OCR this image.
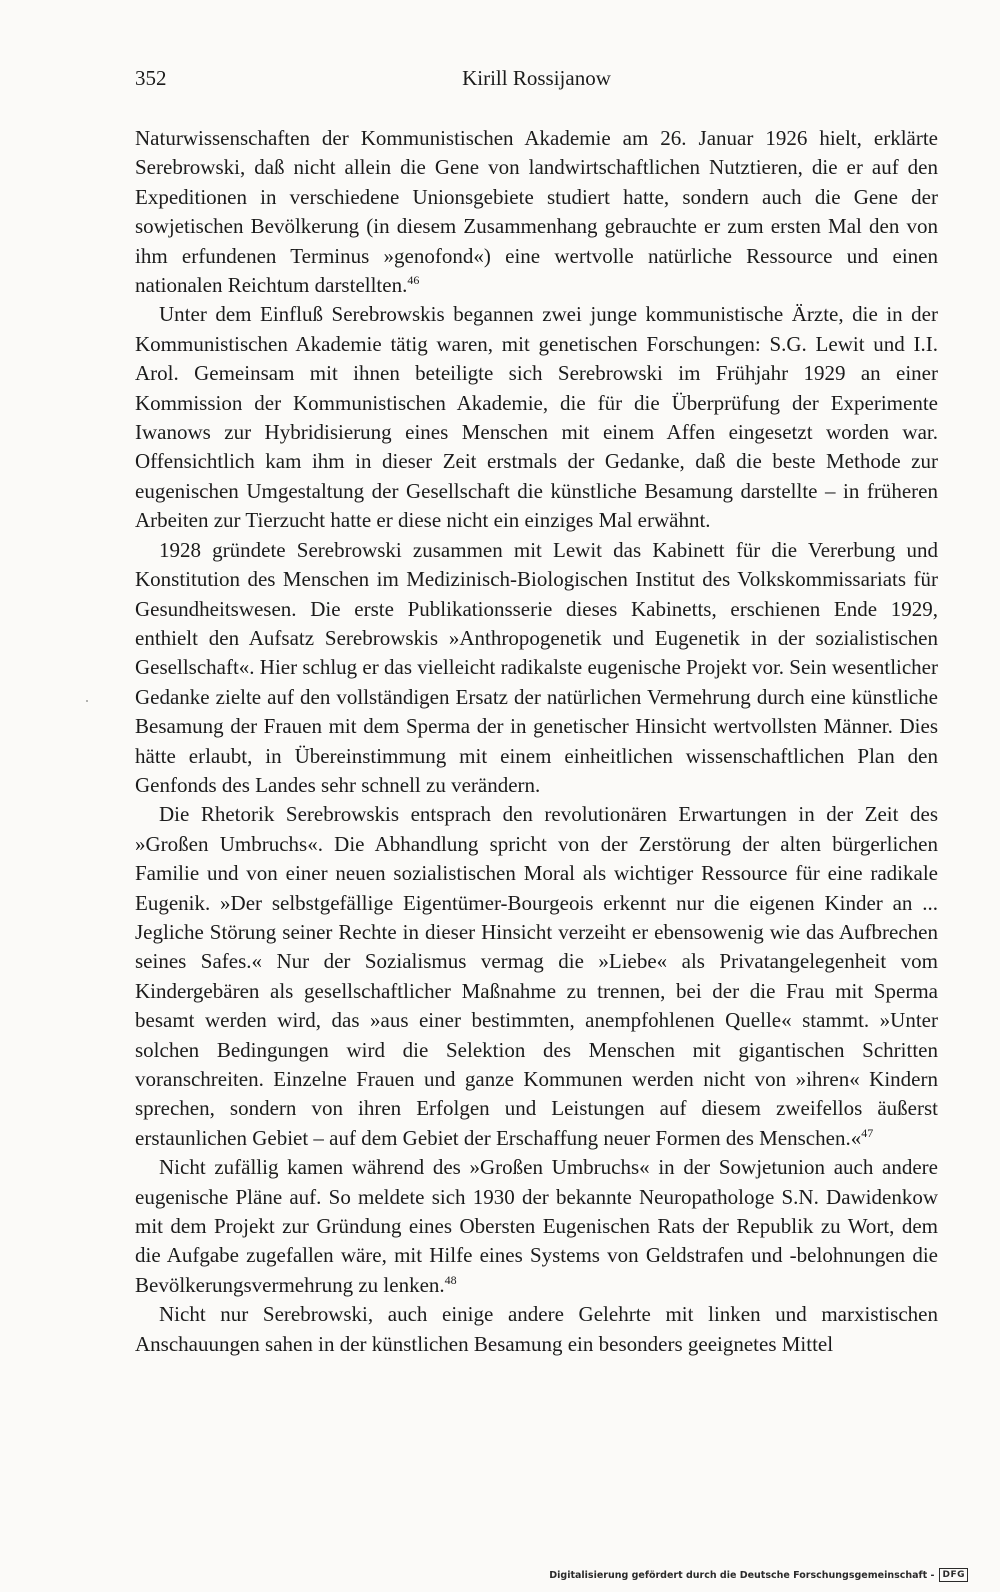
352	Kirill Rossijanow

Naturwissenschaften der Kommunistischen Akademie am 26. Januar 1926 hielt, erklärte Serebrowski, daß nicht allein die Gene von landwirtschaftlichen Nutztieren, die er auf den Expeditionen in verschiedene Unionsgebiete studiert hatte, sondern auch die Gene der sowjetischen Bevölkerung (in diesem Zusammenhang gebrauchte er zum ersten Mal den von ihm erfundenen Terminus »genofond«) eine wertvolle natürliche Ressource und einen nationalen Reichtum darstellten.$^{46}$

Unter dem Einfluß Serebrowskis begannen zwei junge kommunistische Ärzte, die in der Kommunistischen Akademie tätig waren, mit genetischen Forschungen: S.G. Lewit und I.I. Arol. Gemeinsam mit ihnen beteiligte sich Serebrowski im Frühjahr 1929 an einer Kommission der Kommunistischen Akademie, die für die Überprüfung der Experimente Iwanows zur Hybridisierung eines Menschen mit einem Affen eingesetzt worden war. Offensichtlich kam ihm in dieser Zeit erstmals der Gedanke, daß die beste Methode zur eugenischen Umgestaltung der Gesellschaft die künstliche Besamung darstellte – in früheren Arbeiten zur Tierzucht hatte er diese nicht ein einziges Mal erwähnt.

1928 gründete Serebrowski zusammen mit Lewit das Kabinett für die Vererbung und Konstitution des Menschen im Medizinisch-Biologischen Institut des Volkskommissariats für Gesundheitswesen. Die erste Publikationsserie dieses Kabinetts, erschienen Ende 1929, enthielt den Aufsatz Serebrowskis »Anthropogenetik und Eugenetik in der sozialistischen Gesellschaft«. Hier schlug er das vielleicht radikalste eugenische Projekt vor. Sein wesentlicher Gedanke zielte auf den vollständigen Ersatz der natürlichen Vermehrung durch eine künstliche Besamung der Frauen mit dem Sperma der in genetischer Hinsicht wertvollsten Männer. Dies hätte erlaubt, in Übereinstimmung mit einem einheitlichen wissenschaftlichen Plan den Genfonds des Landes sehr schnell zu verändern.

Die Rhetorik Serebrowskis entsprach den revolutionären Erwartungen in der Zeit des »Großen Umbruchs«. Die Abhandlung spricht von der Zerstörung der alten bürgerlichen Familie und von einer neuen sozialistischen Moral als wichtiger Ressource für eine radikale Eugenik. »Der selbstgefällige Eigentümer-Bourgeois erkennt nur die eigenen Kinder an ... Jegliche Störung seiner Rechte in dieser Hinsicht verzeiht er ebensowenig wie das Aufbrechen seines Safes.« Nur der Sozialismus vermag die »Liebe« als Privatangelegenheit vom Kindergebären als gesellschaftlicher Maßnahme zu trennen, bei der die Frau mit Sperma besamt werden wird, das »aus einer bestimmten, anempfohlenen Quelle« stammt. »Unter solchen Bedingungen wird die Selektion des Menschen mit gigantischen Schritten voranschreiten. Einzelne Frauen und ganze Kommunen werden nicht von »ihren« Kindern sprechen, sondern von ihren Erfolgen und Leistungen auf diesem zweifellos äußerst erstaunlichen Gebiet – auf dem Gebiet der Erschaffung neuer Formen des Menschen.«$^{47}$

Nicht zufällig kamen während des »Großen Umbruchs« in der Sowjetunion auch andere eugenische Pläne auf. So meldete sich 1930 der bekannte Neuropathologe S.N. Dawidenkow mit dem Projekt zur Gründung eines Obersten Eugenischen Rats der Republik zu Wort, dem die Aufgabe zugefallen wäre, mit Hilfe eines Systems von Geldstrafen und -belohnungen die Bevölkerungsvermehrung zu lenken.$^{48}$

Nicht nur Serebrowski, auch einige andere Gelehrte mit linken und marxistischen Anschauungen sahen in der künstlichen Besamung ein besonders geeignetes Mittel

Digitalisierung gefördert durch die Deutsche Forschungsgemeinschaft - DFG
